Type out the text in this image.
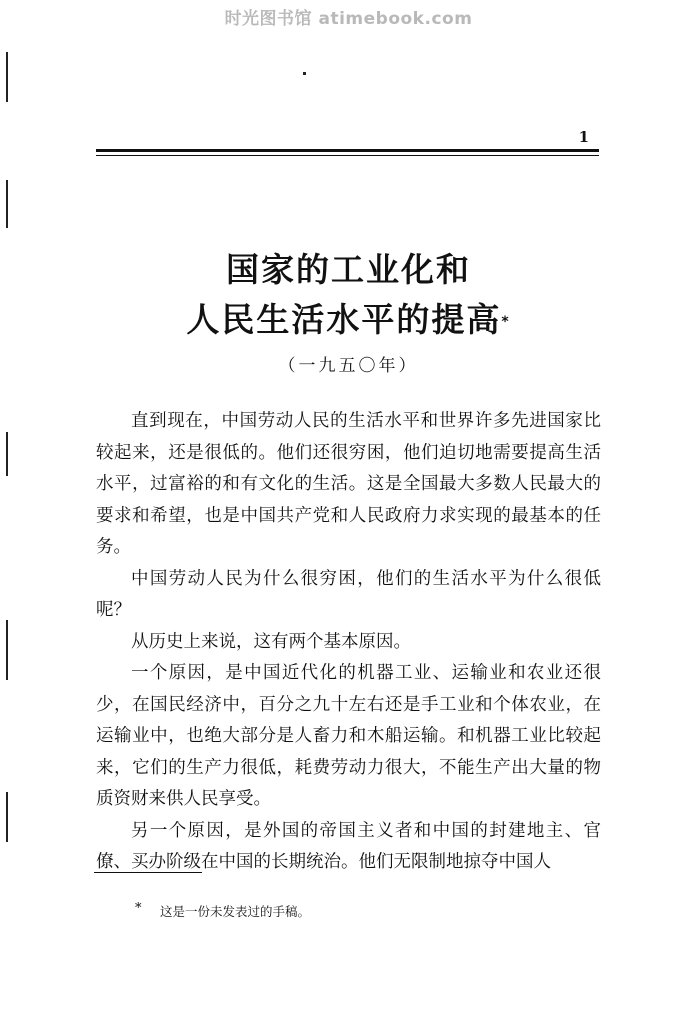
时光图书馆 atimebook.com
1
国家的工业化和
人民生活水平的提高*
（一九五〇年）

直到现在，中国劳动人民的生活水平和世界许多先进国家比较起来，还是很低的。他们还很穷困，他们迫切地需要提高生活水平，过富裕的和有文化的生活。这是全国最大多数人民最大的要求和希望，也是中国共产党和人民政府力求实现的最基本的任务。

中国劳动人民为什么很穷困，他们的生活水平为什么很低呢？

从历史上来说，这有两个基本原因。

一个原因，是中国近代化的机器工业、运输业和农业还很少，在国民经济中，百分之九十左右还是手工业和个体农业，在运输业中，也绝大部分是人畜力和木船运输。和机器工业比较起来，它们的生产力很低，耗费劳动力很大，不能生产出大量的物质资财来供人民享受。

另一个原因，是外国的帝国主义者和中国的封建地主、官僚、买办阶级在中国的长期统治。他们无限制地掠夺中国人

* 这是一份未发表过的手稿。
